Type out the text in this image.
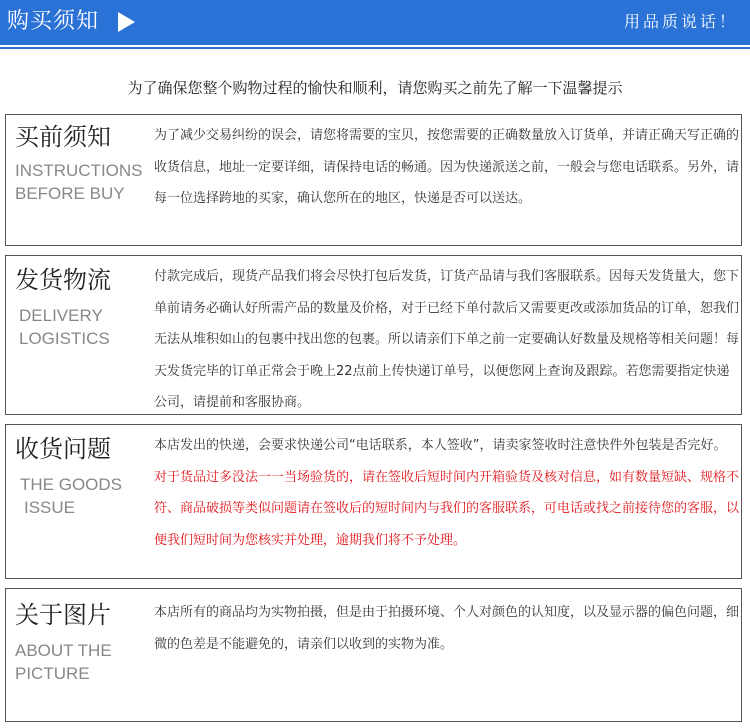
购买须知	用品质说话！
为了确保您整个购物过程的愉快和顺利，请您购买之前先了解一下温馨提示
买前须知
INSTRUCTIONS
BEFORE BUY
为了减少交易纠纷的误会，请您将需要的宝贝，按您需要的正确数量放入订货单，并请正确天写正确的收货信息，地址一定要详细，请保持电话的畅通。因为快递派送之前，一般会与您电话联系。另外，请每一位选择跨地的买家，确认您所在的地区，快递是否可以送达。
发货物流
DELIVERY
LOGISTICS
付款完成后，现货产品我们将会尽快打包后发货，订货产品请与我们客服联系。因每天发货量大，您下单前请务必确认好所需产品的数量及价格，对于已经下单付款后又需要更改或添加货品的订单，恕我们无法从堆积如山的包裹中找出您的包裹。所以请亲们下单之前一定要确认好数量及规格等相关问题！每天发货完毕的订单正常会于晚上22点前上传快递订单号，以便您网上查询及跟踪。若您需要指定快递公司，请提前和客服协商。
收货问题
THE GOODS
ISSUE
本店发出的快递，会要求快递公司“电话联系，本人签收”，请卖家签收时注意快件外包装是否完好。对于货品过多没法一一当场验货的，请在签收后短时间内开箱验货及核对信息，如有数量短缺、规格不符、商品破损等类似问题请在签收后的短时间内与我们的客服联系，可电话或找之前接待您的客服，以便我们短时间为您核实并处理，逾期我们将不予处理。
关于图片
ABOUT THE
PICTURE
本店所有的商品均为实物拍摄，但是由于拍摄环境、个人对颜色的认知度，以及显示器的偏色问题，细微的色差是不能避免的，请亲们以收到的实物为准。
